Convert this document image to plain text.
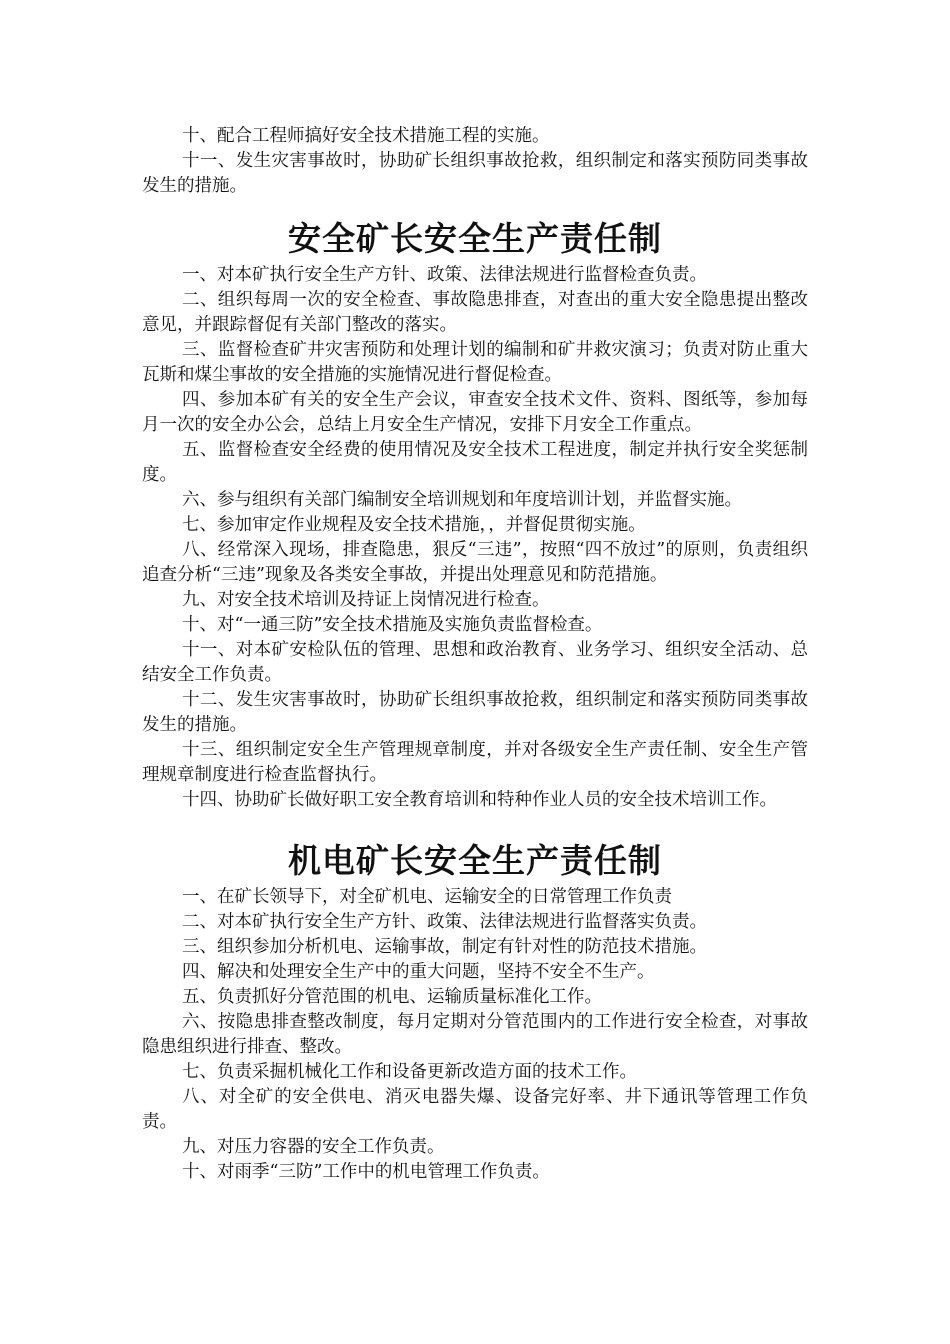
十、配合工程师搞好安全技术措施工程的实施。

十一、发生灾害事故时，协助矿长组织事故抢救，组织制定和落实预防同类事故发生的措施。

安全矿长安全生产责任制

一、对本矿执行安全生产方针、政策、法律法规进行监督检查负责。

二、组织每周一次的安全检查、事故隐患排查，对查出的重大安全隐患提出整改意见，并跟踪督促有关部门整改的落实。

三、监督检查矿井灾害预防和处理计划的编制和矿井救灾演习；负责对防止重大瓦斯和煤尘事故的安全措施的实施情况进行督促检查。

四、参加本矿有关的安全生产会议，审查安全技术文件、资料、图纸等，参加每月一次的安全办公会，总结上月安全生产情况，安排下月安全工作重点。

五、监督检查安全经费的使用情况及安全技术工程进度，制定并执行安全奖惩制度。

六、参与组织有关部门编制安全培训规划和年度培训计划，并监督实施。

七、参加审定作业规程及安全技术措施，，并督促贯彻实施。

八、经常深入现场，排查隐患，狠反“三违”，按照“四不放过”的原则，负责组织追查分析“三违”现象及各类安全事故，并提出处理意见和防范措施。

九、对安全技术培训及持证上岗情况进行检查。

十、对“一通三防”安全技术措施及实施负责监督检查。

十一、对本矿安检队伍的管理、思想和政治教育、业务学习、组织安全活动、总结安全工作负责。

十二、发生灾害事故时，协助矿长组织事故抢救，组织制定和落实预防同类事故发生的措施。

十三、组织制定安全生产管理规章制度，并对各级安全生产责任制、安全生产管理规章制度进行检查监督执行。

十四、协助矿长做好职工安全教育培训和特种作业人员的安全技术培训工作。

机电矿长安全生产责任制

一、在矿长领导下，对全矿机电、运输安全的日常管理工作负责

二、对本矿执行安全生产方针、政策、法律法规进行监督落实负责。

三、组织参加分析机电、运输事故，制定有针对性的防范技术措施。

四、解决和处理安全生产中的重大问题，坚持不安全不生产。

五、负责抓好分管范围的机电、运输质量标准化工作。

六、按隐患排查整改制度，每月定期对分管范围内的工作进行安全检查，对事故隐患组织进行排查、整改。

七、负责采掘机械化工作和设备更新改造方面的技术工作。

八、对全矿的安全供电、消灭电器失爆、设备完好率、井下通讯等管理工作负责。

九、对压力容器的安全工作负责。

十、对雨季“三防”工作中的机电管理工作负责。
